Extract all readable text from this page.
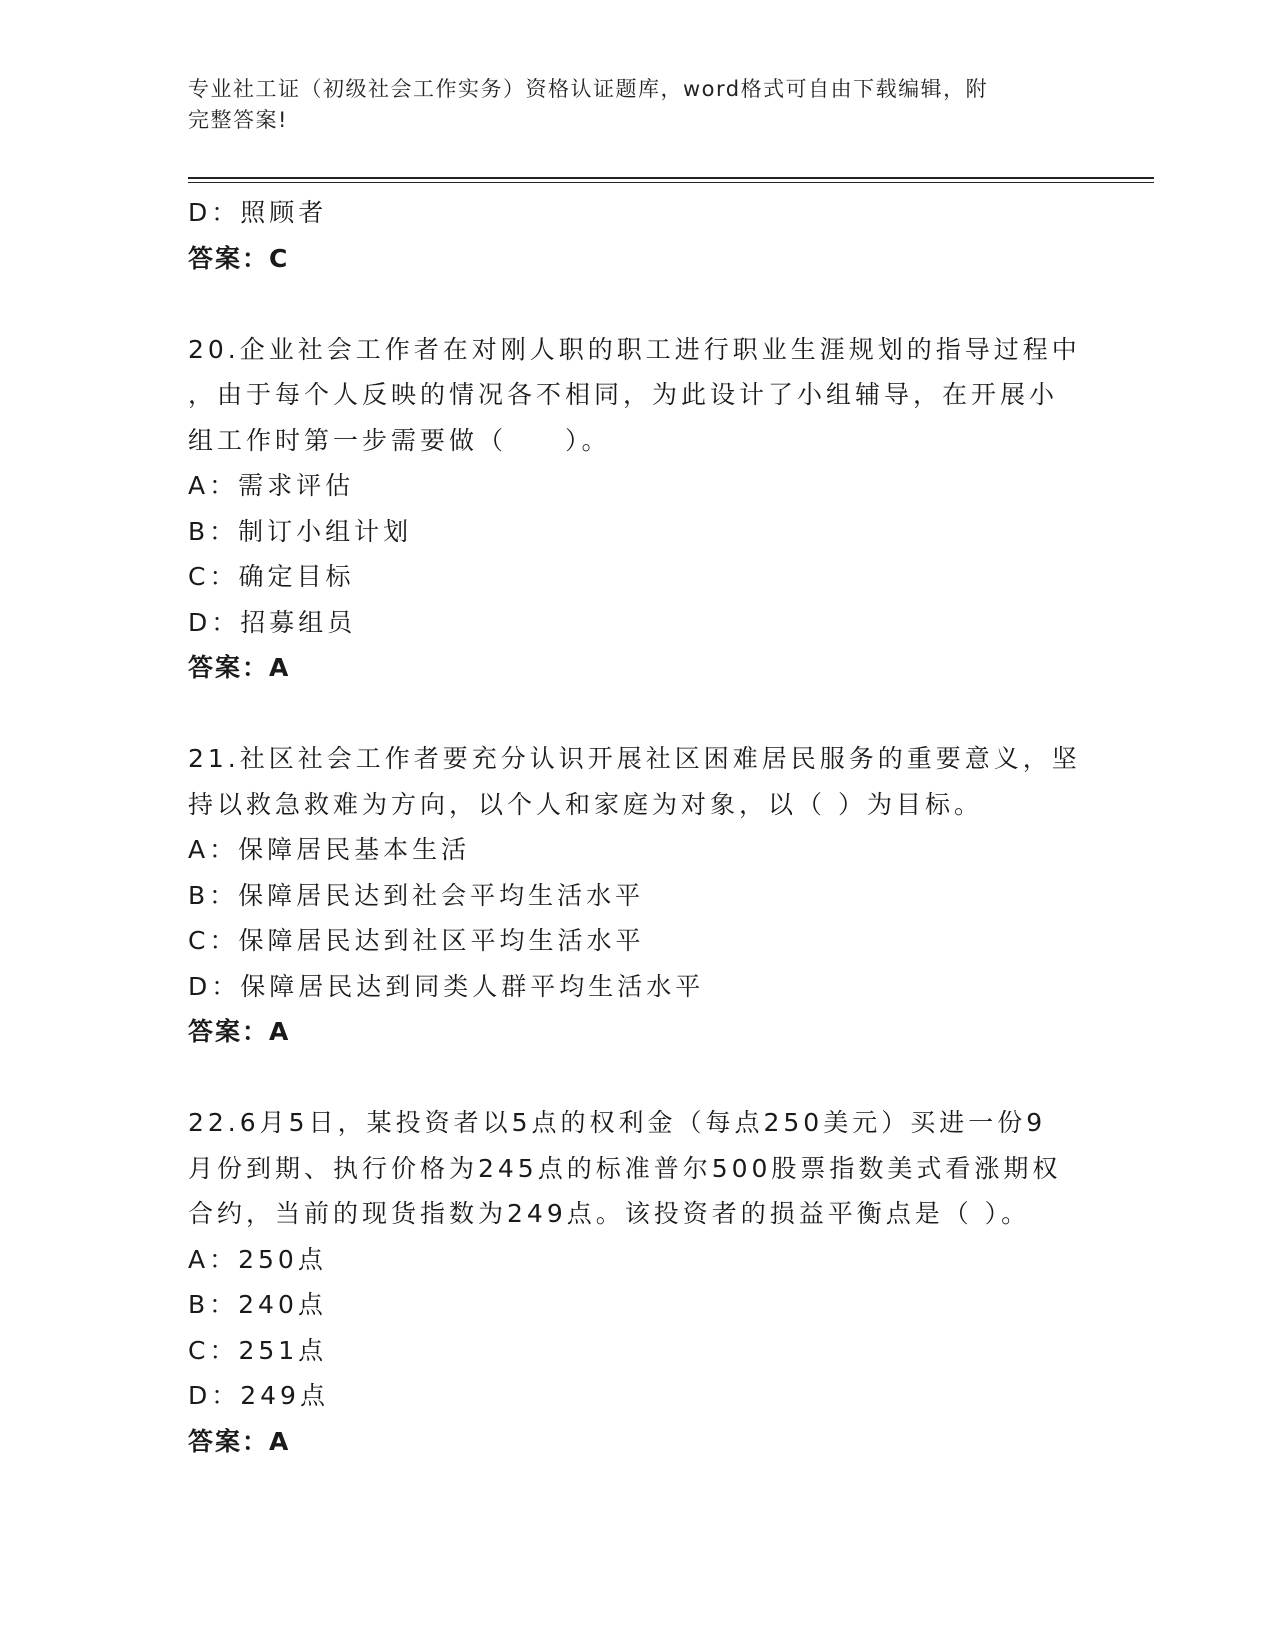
专业社工证（初级社会工作实务）资格认证题库，word格式可自由下载编辑，附
完整答案!
D：照顾者
答案：C
20.企业社会工作者在对刚人职的职工进行职业生涯规划的指导过程中
，由于每个人反映的情况各不相同，为此设计了小组辅导，在开展小
组工作时第一步需要做（　　）。
A：需求评估
B：制订小组计划
C：确定目标
D：招募组员
答案：A
21.社区社会工作者要充分认识开展社区困难居民服务的重要意义，坚
持以救急救难为方向，以个人和家庭为对象，以（ ）为目标。
A：保障居民基本生活
B：保障居民达到社会平均生活水平
C：保障居民达到社区平均生活水平
D：保障居民达到同类人群平均生活水平
答案：A
22.6月5日，某投资者以5点的权利金（每点250美元）买进一份9
月份到期、执行价格为245点的标准普尔500股票指数美式看涨期权
合约，当前的现货指数为249点。该投资者的损益平衡点是（ ）。
A：250点
B：240点
C：251点
D：249点
答案：A
